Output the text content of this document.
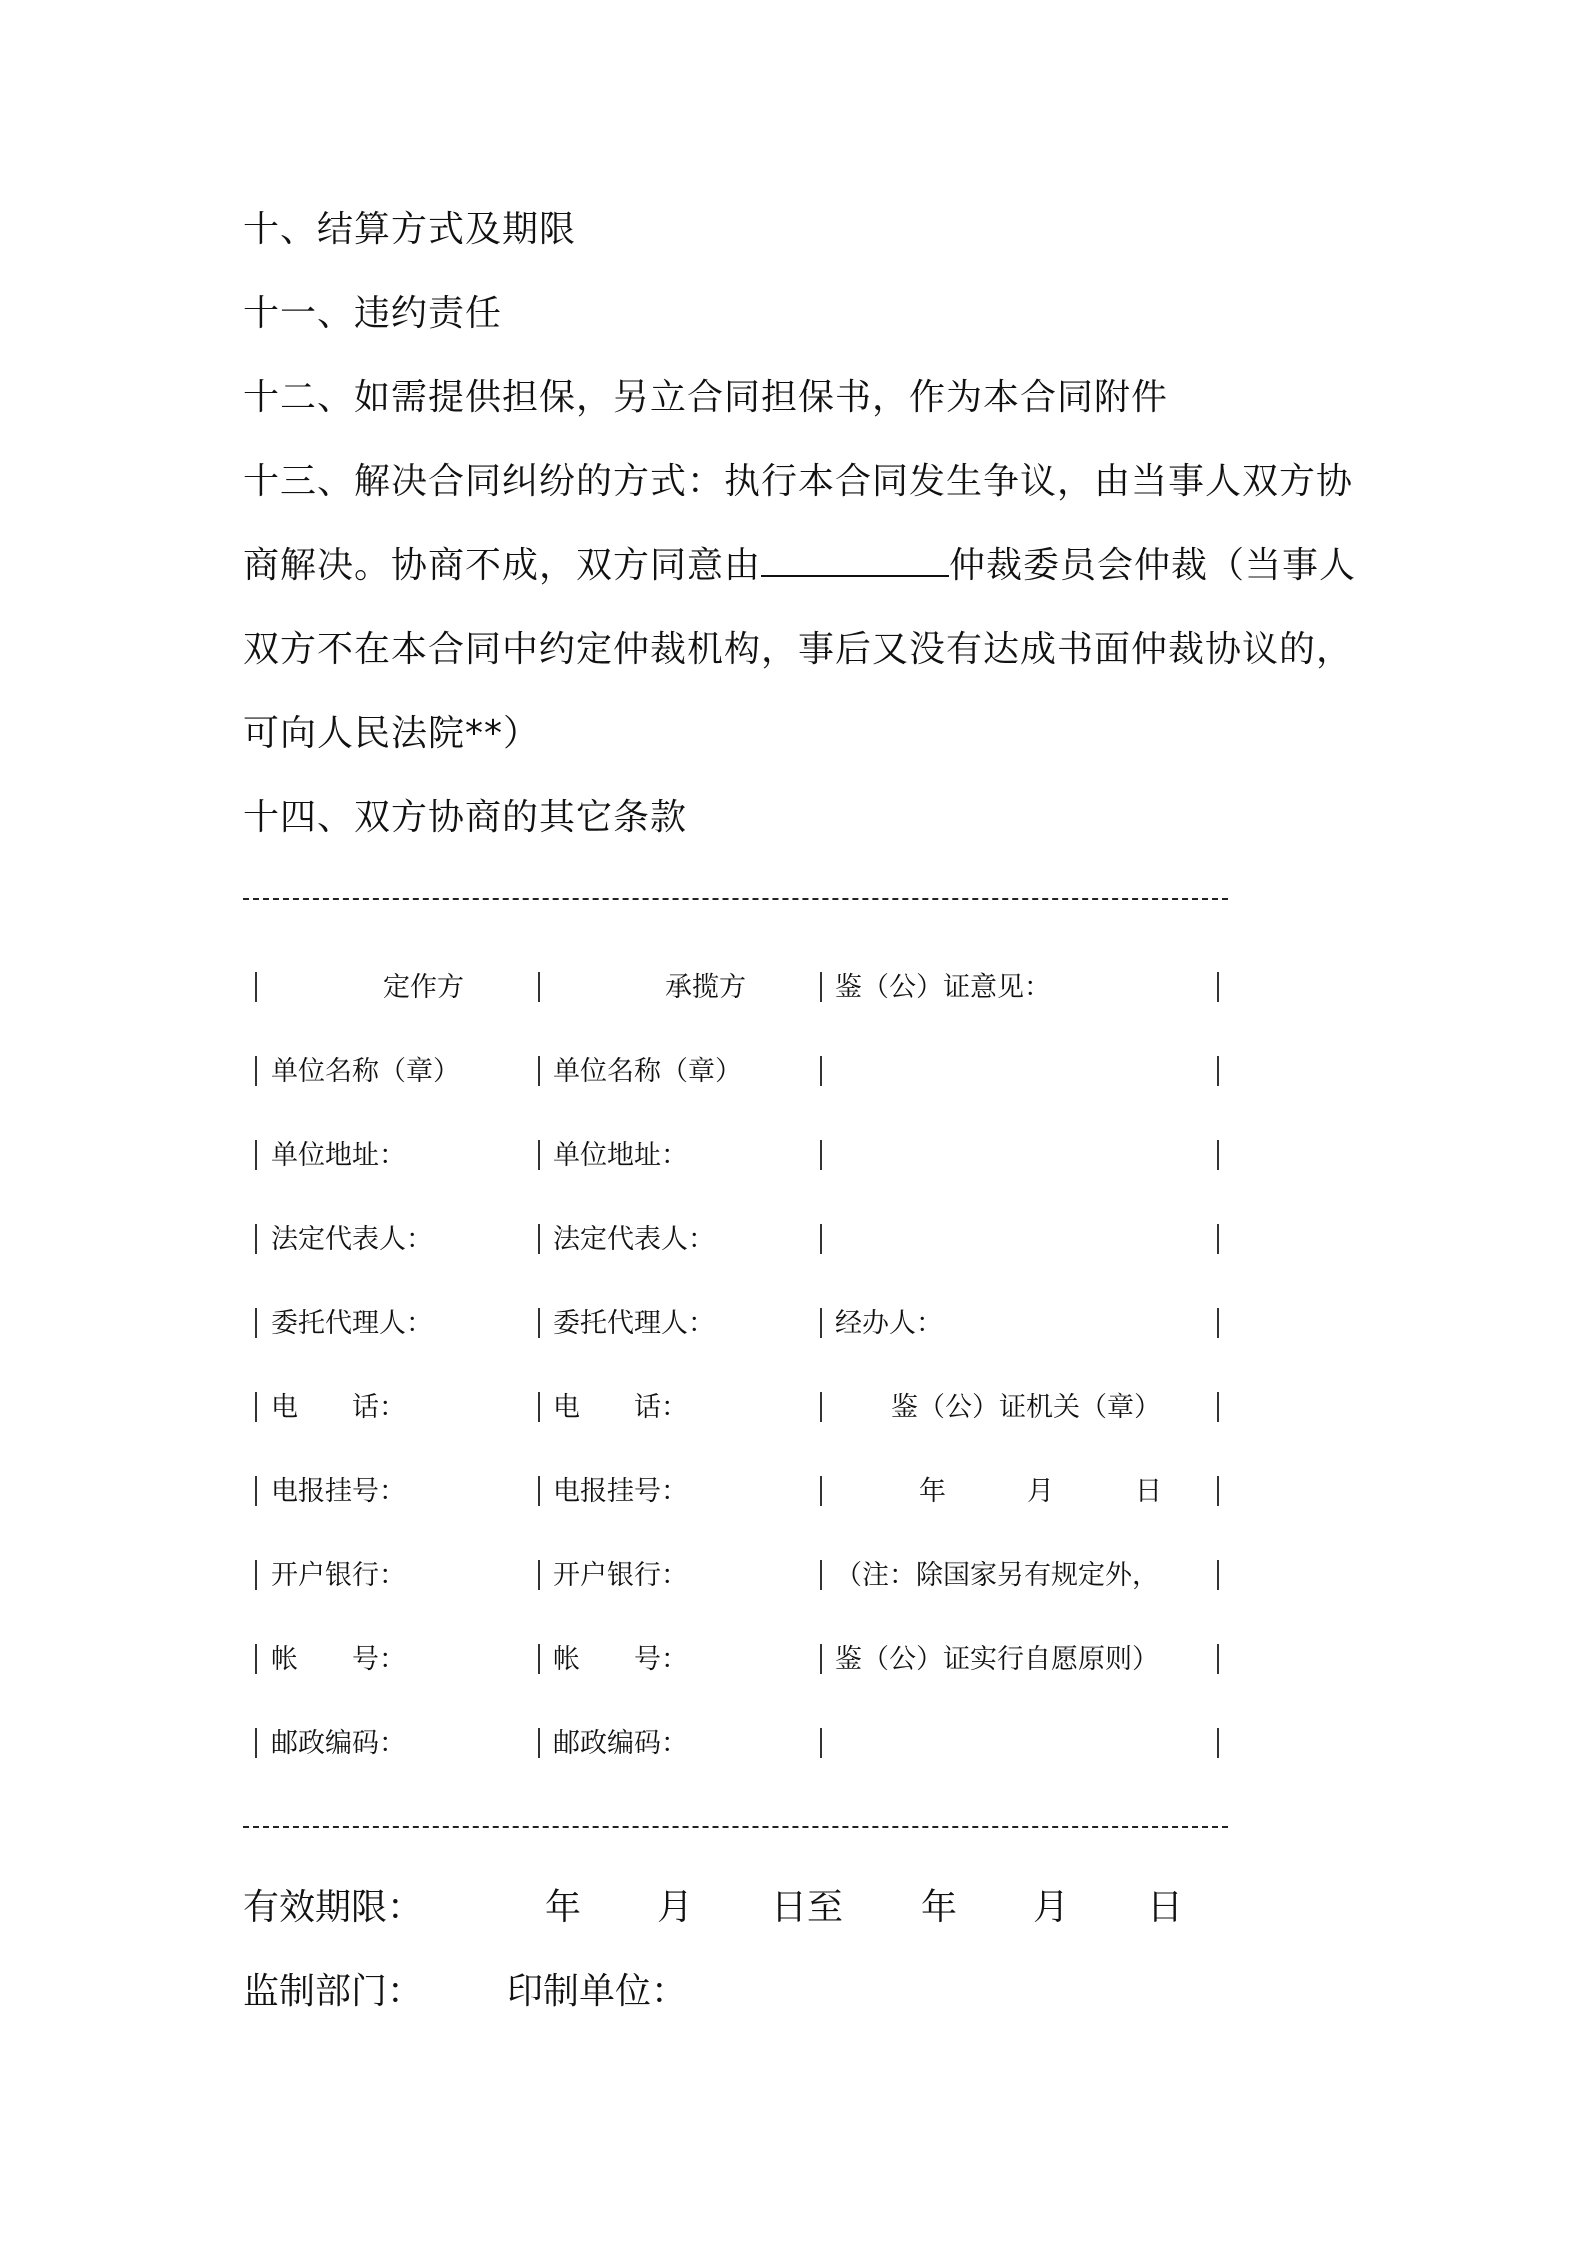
十、结算方式及期限
十一、违约责任
十二、如需提供担保，另立合同担保书，作为本合同附件
十三、解决合同纠纷的方式：执行本合同发生争议，由当事人双方协
商解决。协商不成，双方同意由	仲裁委员会仲裁（当事人
双方不在本合同中约定仲裁机构，事后又没有达成书面仲裁协议的，
可向人民法院**）
十四、双方协商的其它条款
定作方	承揽方	鉴（公）证意见：
单位名称（章）	单位名称（章）
单位地址：	单位地址：
法定代表人：	法定代表人：
委托代理人：	委托代理人：	经办人：
电　　话：	电　　话：	鉴（公）证机关（章）
电报挂号：	电报挂号：	年　　　月　　　日
开户银行：	开户银行：	（注：除国家另有规定外，
帐　　号：	帐　　号：	鉴（公）证实行自愿原则）
邮政编码：	邮政编码：
有效期限：	年 月 日至 年 月 日
监制部门： 印制单位：
